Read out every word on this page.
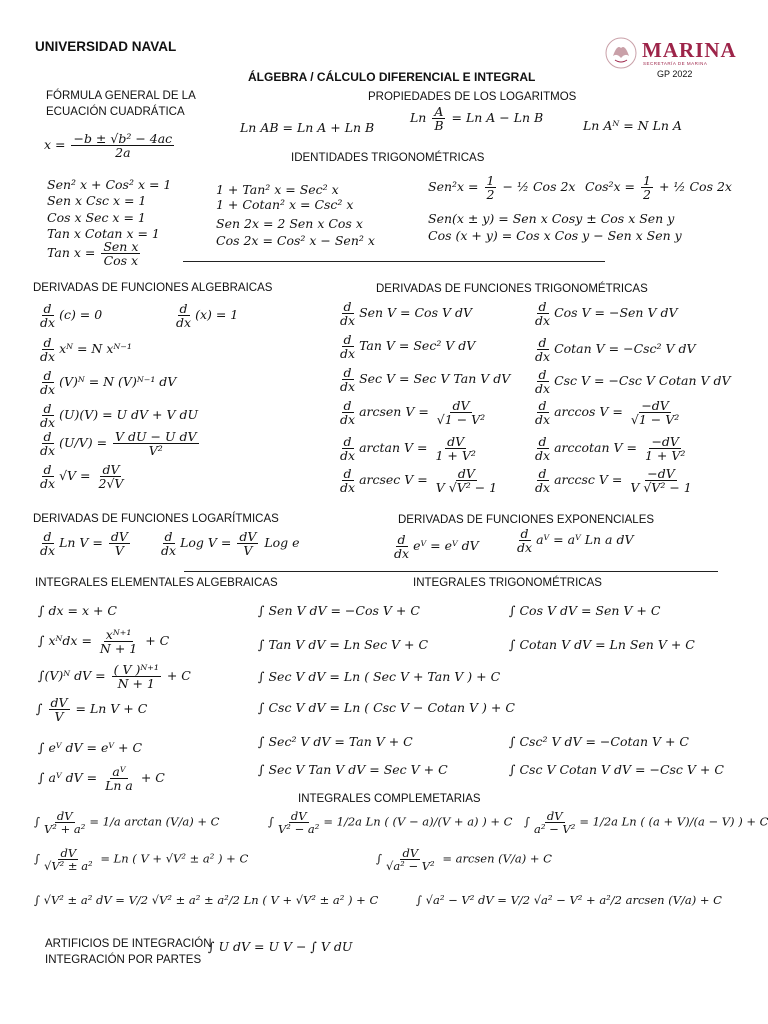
UNIVERSIDAD NAVAL	MARINA
SECRETARÍA DE MARINA
GP 2022
ÁLGEBRA / CÁLCULO DIFERENCIAL E INTEGRAL
FÓRMULA GENERAL DE LA ECUACIÓN CUADRÁTICA
$x = \frac{\text{−b ± √b² − 4ac}}{2a}$
PROPIEDADES DE LOS LOGARITMOS
Ln AB = Ln A + Ln B
Ln $\frac{A}{B} = Ln$ A − Ln B
Ln Aᴺ = N Ln A
IDENTIDADES TRIGONOMÉTRICAS
Sen² x + Cos² x = 1
Sen x Csc x = 1
Cos x Sec x = 1
Tan x Cotan x = 1
Tan $x = \frac{\text{Sen x}}{\text{Cos x}}$
1 + Tan² x = Sec² x
1 + Cotan² x = Csc² x
Sen 2x = 2 Sen x Cos x
Cos 2x = Cos² x − Sen² x
$Sen^2x = \frac{1}{2}$ − ½ Cos 2x $Cos^2x = \frac{1}{2}$ + ½ Cos 2x
Sen(x ± y) = Sen x Cosy ± Cos x Sen y
Cos (x + y) = Cos x Cos y − Sen x Sen y
DERIVADAS DE FUNCIONES ALGEBRAICAS
$\frac{d}{dx} (c) = 0$	$\frac{d}{dx} (x) = 1$
$\frac{d}{dx}$ xᴺ = N xᴺ⁻¹
$\frac{d}{dx}$ (V)ᴺ = N (V)ᴺ⁻¹ dV
$\frac{d}{dx} (U)(V) = U$ dV + V dU
$\frac{d}{dx} (U/V) = \frac{\text{V dU − U dV}}{\text{V²}}$
$\frac{d}{dx} √V = \frac{dV}{2√V}$
DERIVADAS DE FUNCIONES TRIGONOMÉTRICAS
$\frac{d}{dx}$ Sen V = Cos V dV
$\frac{d}{dx}$ Tan V = Sec² V dV
$\frac{d}{dx}$ Sec V = Sec V Tan V dV
$\frac{d}{dx}$ arcsen $V = \frac{dV}{\text{√1 − V²}}$
$\frac{d}{dx}$ $\arctan V = \frac{dV}{\text{1 + V²}}$
$\frac{d}{dx}$ arcsec $V = \frac{dV}{\text{V √V² − 1}}$
$\frac{d}{dx}$ Cos V = −Sen V dV
$\frac{d}{dx}$ Cotan V = −Csc² V dV
$\frac{d}{dx}$ Csc V = −Csc V Cotan V dV
$\frac{d}{dx}$ $\arccos V = \frac{-dV}{\text{√1 − V²}}$
$\frac{d}{dx}$ arccotan $V = \frac{-dV}{\text{1 + V²}}$
$\frac{d}{dx}$ arccsc $V = \frac{-dV}{\text{V √V² − 1}}$
DERIVADAS DE FUNCIONES LOGARÍTMICAS
$\frac{d}{dx}$ Ln $V = \frac{dV}{V} \frac{d}{dx}$ Log $V = \frac{dV}{V}$ Log e
DERIVADAS DE FUNCIONES EXPONENCIALES
$\frac{d}{dx}$ eⱽ = eⱽ dV	$\frac{d}{dx}$ aⱽ = aⱽ Ln a dV
INTEGRALES ELEMENTALES ALGEBRAICAS
∫ dx = x + C
∫ xᴺdx = $\frac{\text{xᴺ⁺¹}}{N + 1} + C$
∫(V)ᴺ dV = $\frac{\text{( V )ᴺ⁺¹}}{N + 1} + C$
∫ $\frac{dV}{V} = Ln$ V + C
∫ eⱽ dV = eⱽ + C
∫ aⱽ dV = $\frac{\text{aⱽ}}{\text{Ln a}} + C$
INTEGRALES TRIGONOMÉTRICAS
∫ Sen V dV = −Cos V + C
∫ Tan V dV = Ln Sec V + C
∫ Sec V dV = Ln ( Sec V + Tan V ) + C
∫ Csc V dV = Ln ( Csc V − Cotan V ) + C
∫ Sec² V dV = Tan V + C
∫ Sec V Tan V dV = Sec V + C
∫ Cos V dV = Sen V + C
∫ Cotan V dV = Ln Sen V + C
∫ Csc² V dV = −Cotan V + C
∫ Csc V Cotan V dV = −Csc V + C
INTEGRALES COMPLEMETARIAS
∫ $\frac{dV}{\text{V² + a²}} = 1/a$ arctan (V/a) + C	∫ $\frac{dV}{\text{V² − a²}} = 1/2a$ Ln ( (V − a)/(V + a) ) + C ∫ $\frac{dV}{\text{a² − V²}} = 1/2a$ Ln ( (a + V)/(a − V) ) + C
∫ $\frac{dV}{\text{√V² ± a²}} = Ln$ ( V + √V² ± a² ) + C	∫ $\frac{dV}{\text{√a² − V²}}$ = arcsen (V/a) + C
∫ √V² ± a² dV = V/2 √V² ± a² ± a²/2 Ln ( V + √V² ± a² ) + C	∫ √a² − V² dV = V/2 √a² − V² + a²/2 arcsen (V/a) + C
ARTIFICIOS DE INTEGRACIÓN
INTEGRACIÓN POR PARTES
∫ U dV = U V − ∫ V dU
